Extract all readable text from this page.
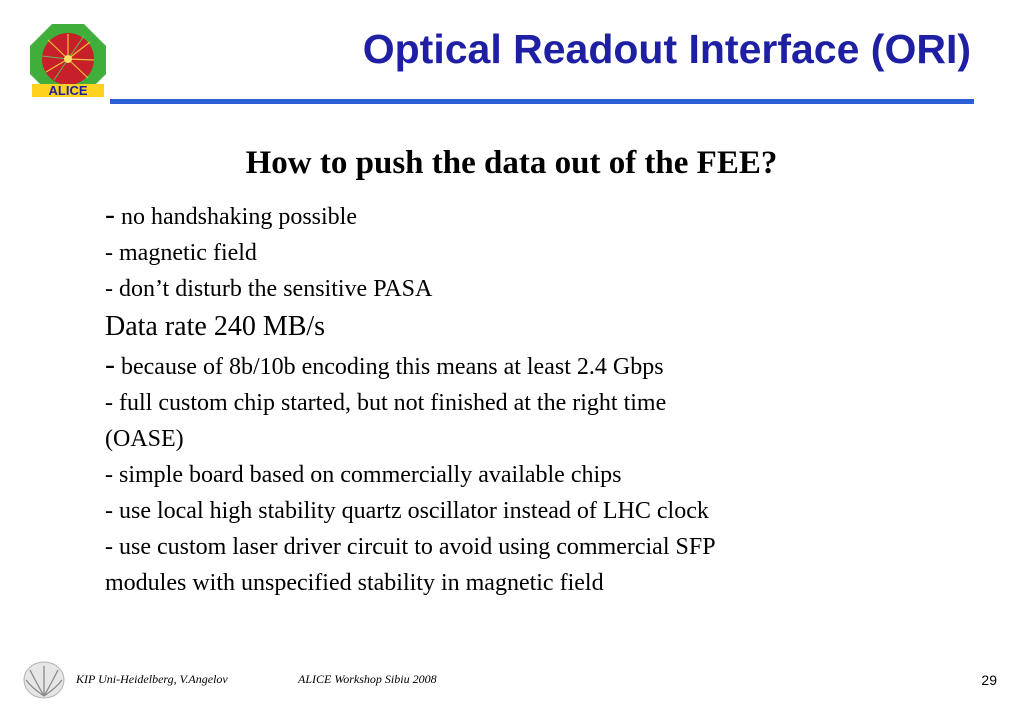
ALICE
Optical Readout Interface (ORI)
How to push the data out of the FEE?
- no handshaking possible
- magnetic field
- don’t disturb the sensitive PASA
Data rate 240 MB/s
- because of 8b/10b encoding this means at least 2.4 Gbps
- full custom chip started, but not finished at the right time
(OASE)
- simple board based on commercially available chips
- use local high stability quartz oscillator instead of LHC clock
- use custom laser driver circuit to avoid using commercial SFP
modules with unspecified stability in magnetic field
KIP Uni-Heidelberg, V.Angelov	ALICE Workshop Sibiu 2008	29
